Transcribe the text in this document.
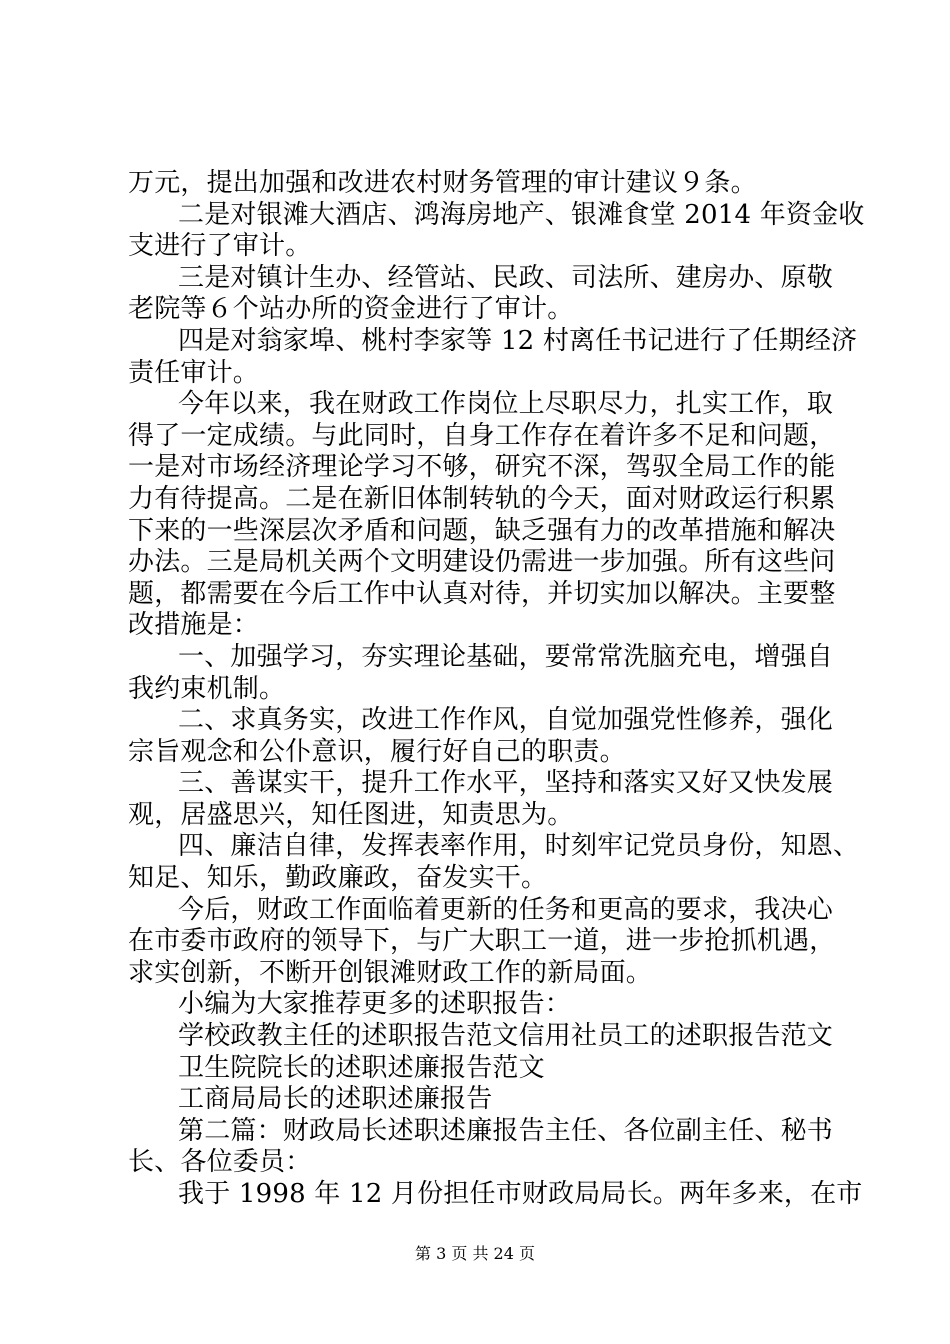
万元，提出加强和改进农村财务管理的审计建议９条。
二是对银滩大酒店、鸿海房地产、银滩食堂 2014 年资金收
支进行了审计。
三是对镇计生办、经管站、民政、司法所、建房办、原敬
老院等６个站办所的资金进行了审计。
四是对翁家埠、桃村李家等 12 村离任书记进行了任期经济
责任审计。
今年以来，我在财政工作岗位上尽职尽力，扎实工作，取
得了一定成绩。与此同时，自身工作存在着许多不足和问题，
一是对市场经济理论学习不够，研究不深，驾驭全局工作的能
力有待提高。二是在新旧体制转轨的今天，面对财政运行积累
下来的一些深层次矛盾和问题，缺乏强有力的改革措施和解决
办法。三是局机关两个文明建设仍需进一步加强。所有这些问
题，都需要在今后工作中认真对待，并切实加以解决。主要整
改措施是：
一、加强学习，夯实理论基础，要常常洗脑充电，增强自
我约束机制。
二、求真务实，改进工作作风，自觉加强党性修养，强化
宗旨观念和公仆意识，履行好自己的职责。
三、善谋实干，提升工作水平，坚持和落实又好又快发展
观，居盛思兴，知任图进，知责思为。
四、廉洁自律，发挥表率作用，时刻牢记党员身份，知恩、
知足、知乐，勤政廉政，奋发实干。
今后，财政工作面临着更新的任务和更高的要求，我决心
在市委市政府的领导下，与广大职工一道，进一步抢抓机遇，
求实创新，不断开创银滩财政工作的新局面。
小编为大家推荐更多的述职报告：
学校政教主任的述职报告范文信用社员工的述职报告范文
卫生院院长的述职述廉报告范文
工商局局长的述职述廉报告
第二篇：财政局长述职述廉报告主任、各位副主任、秘书
长、各位委员：
我于 1998 年 12 月份担任市财政局局长。两年多来，在市
第 3 页 共 24 页
